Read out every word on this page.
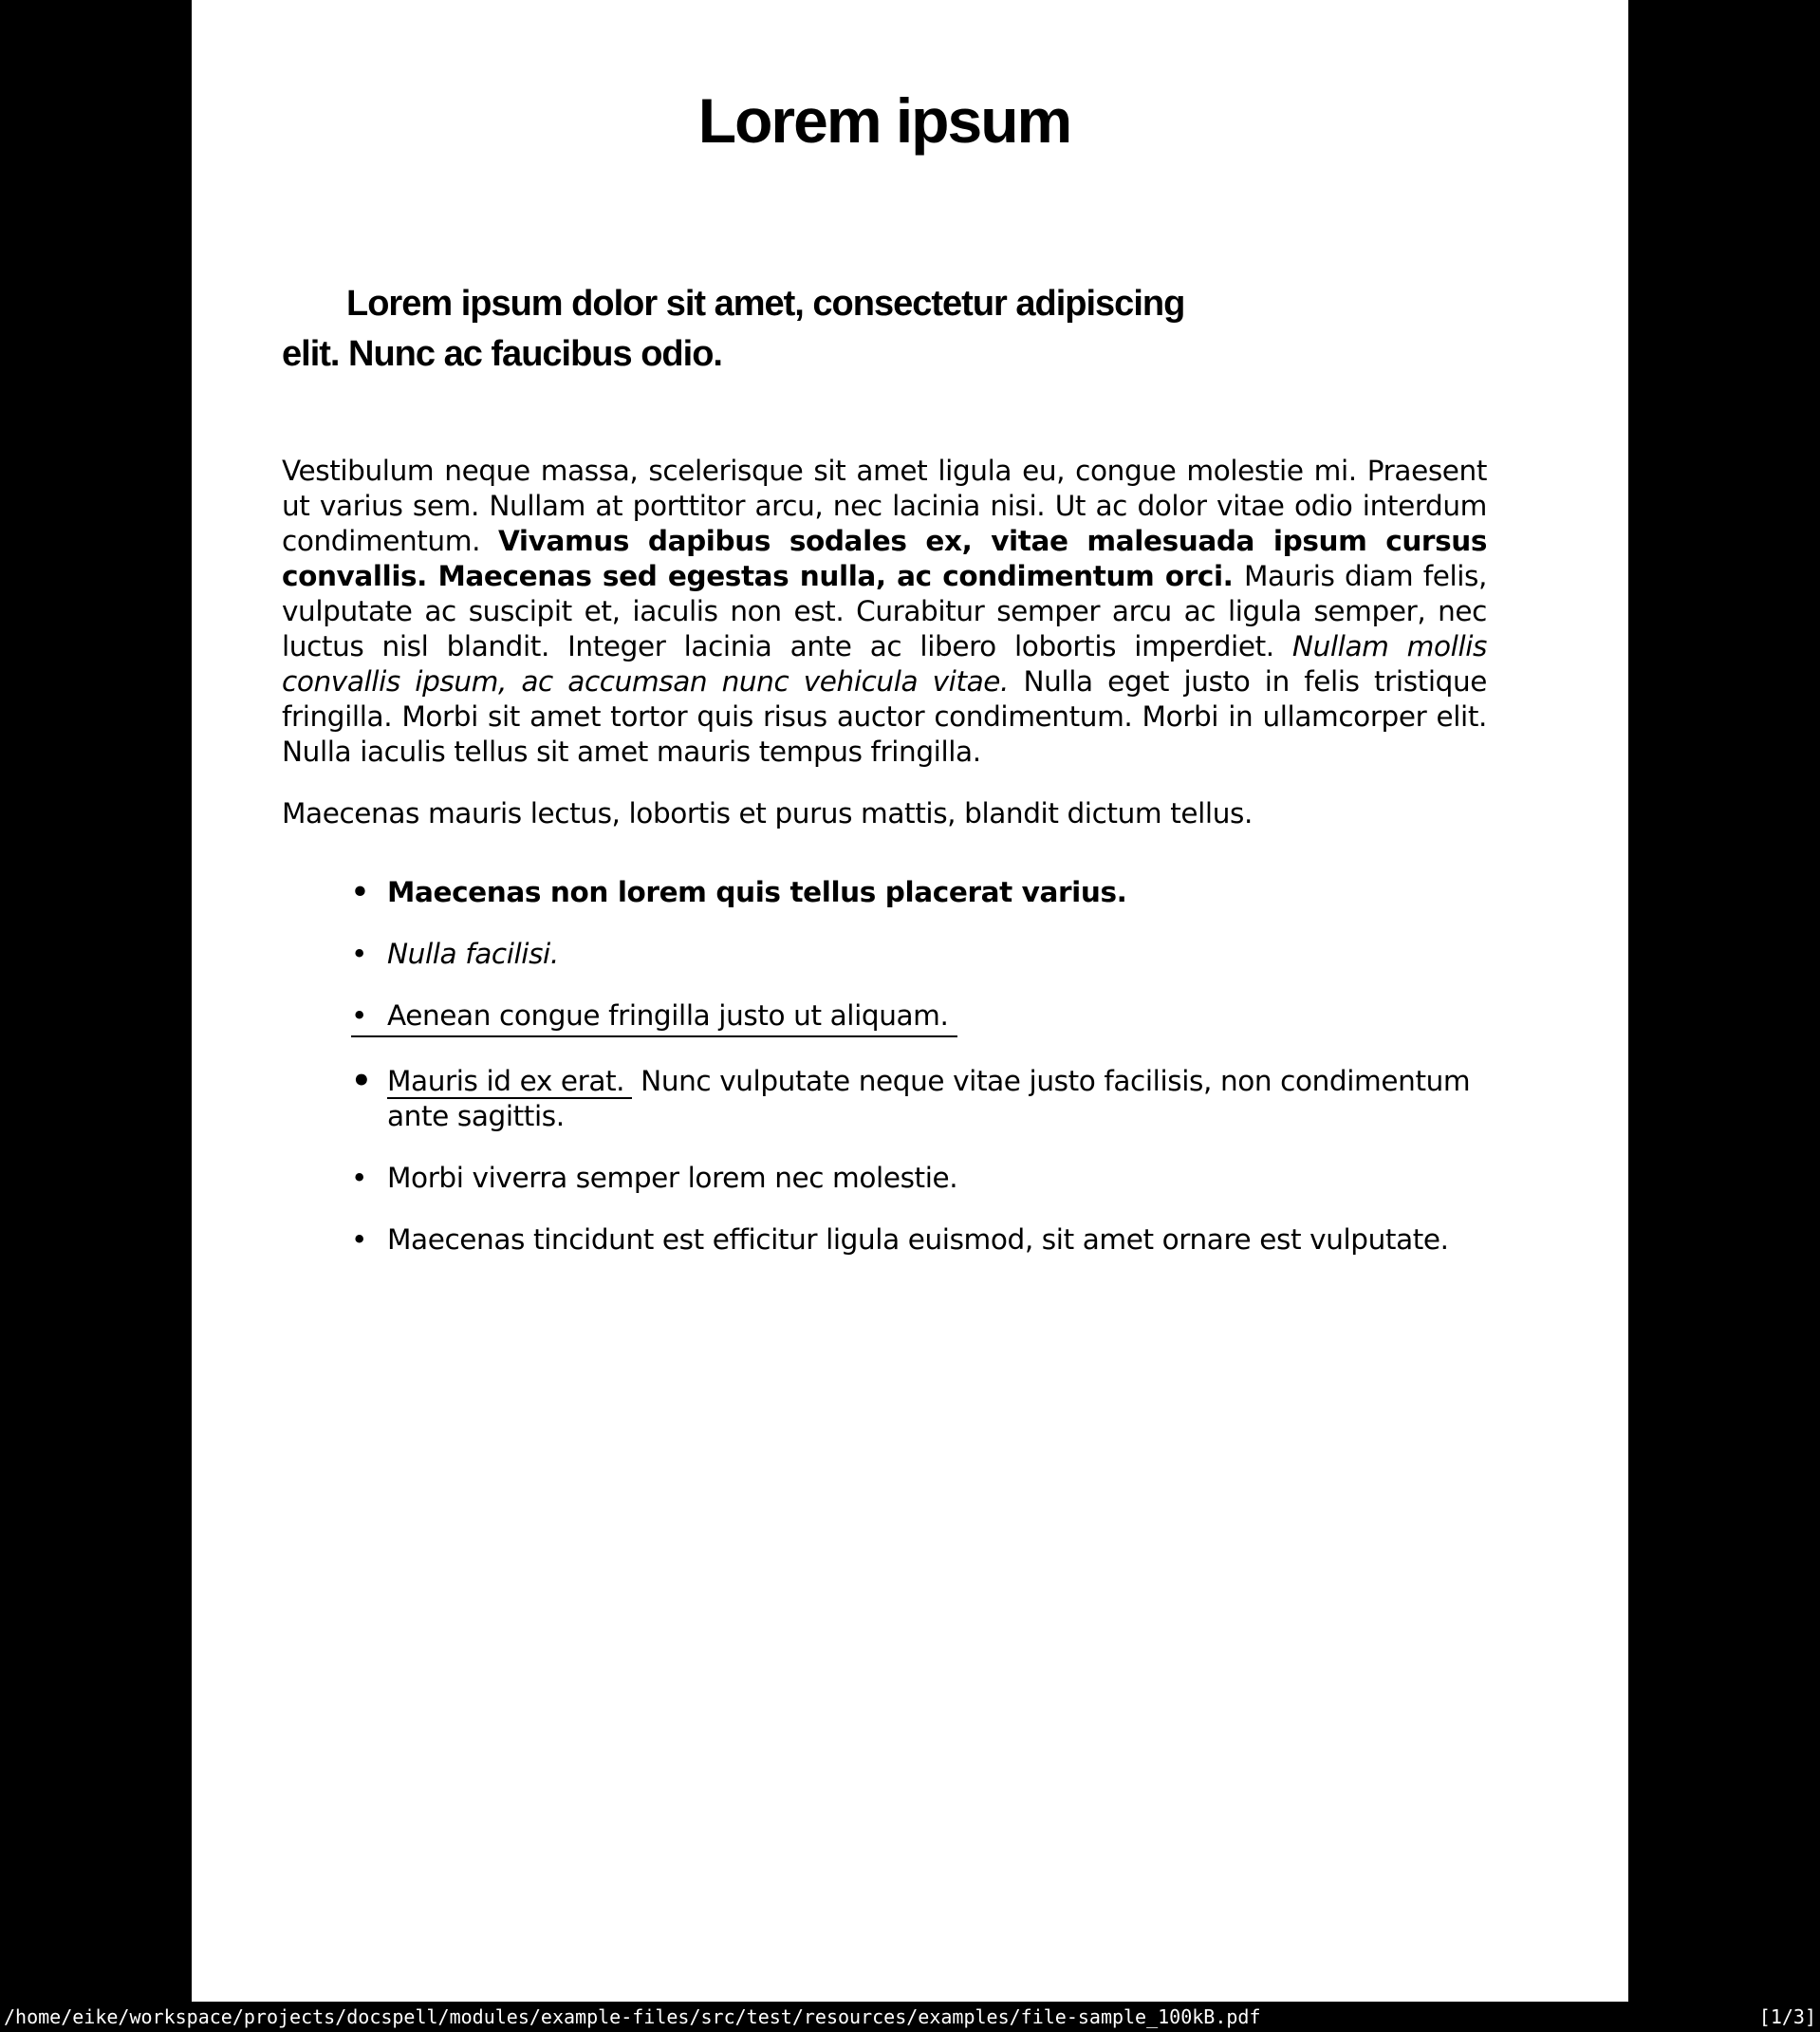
Lorem ipsum
Lorem ipsum dolor sit amet, consectetur adipiscing
elit. Nunc ac faucibus odio.

Vestibulum neque massa, scelerisque sit amet ligula eu, congue molestie mi. Praesent ut varius sem. Nullam at porttitor arcu, nec lacinia nisi. Ut ac dolor vitae odio interdum condimentum. Vivamus dapibus sodales ex, vitae malesuada ipsum cursus convallis. Maecenas sed egestas nulla, ac condimentum orci. Mauris diam felis, vulputate ac suscipit et, iaculis non est. Curabitur semper arcu ac ligula semper, nec luctus nisl blandit. Integer lacinia ante ac libero lobortis imperdiet. Nullam mollis convallis ipsum, ac accumsan nunc vehicula vitae. Nulla eget justo in felis tristique fringilla. Morbi sit amet tortor quis risus auctor condimentum. Morbi in ullamcorper elit. Nulla iaculis tellus sit amet mauris tempus fringilla.

Maecenas mauris lectus, lobortis et purus mattis, blandit dictum tellus.

• Maecenas non lorem quis tellus placerat varius.
• Nulla facilisi.
• Aenean congue fringilla justo ut aliquam.
• Mauris id ex erat. Nunc vulputate neque vitae justo facilisis, non condimentum ante sagittis.
• Morbi viverra semper lorem nec molestie.
• Maecenas tincidunt est efficitur ligula euismod, sit amet ornare est vulputate.
/home/eike/workspace/projects/docspell/modules/example-files/src/test/resources/examples/file-sample_100kB.pdf	[1/3]
